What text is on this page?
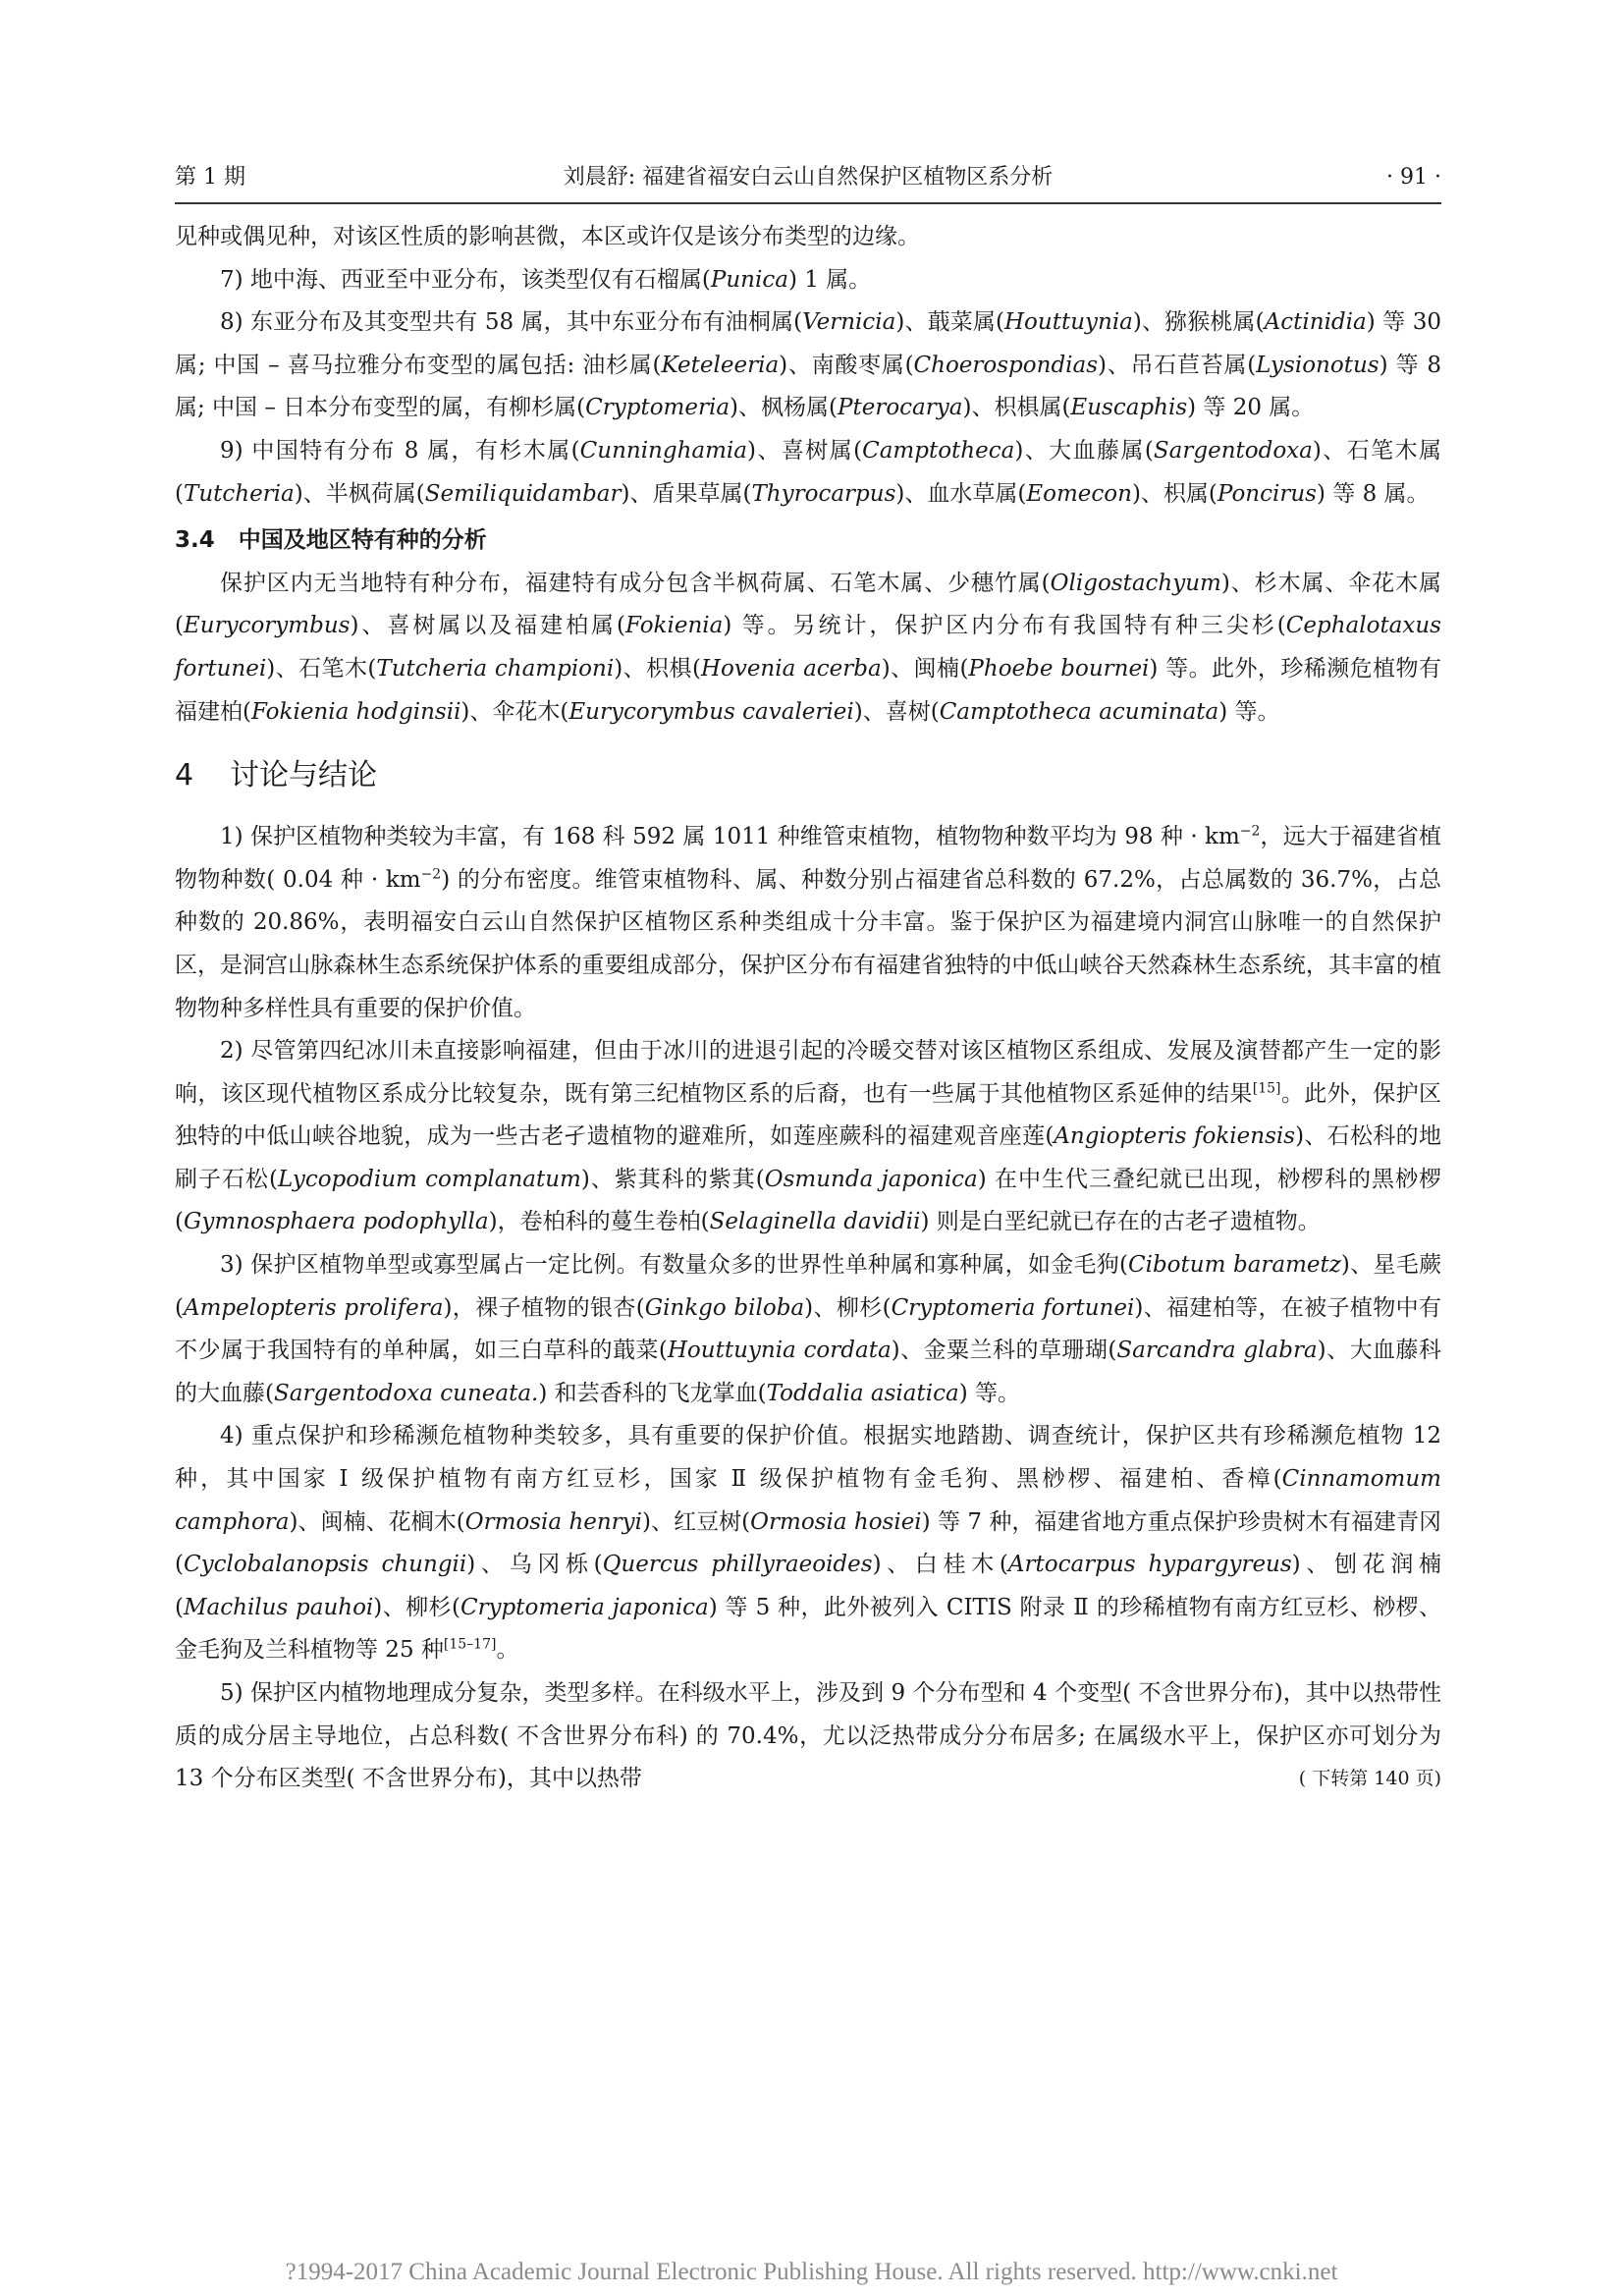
第 1 期	刘晨舒: 福建省福安白云山自然保护区植物区系分析	· 91 ·

见种或偶见种，对该区性质的影响甚微，本区或许仅是该分布类型的边缘。

7) 地中海、西亚至中亚分布，该类型仅有石榴属(Punica) 1 属。

8) 东亚分布及其变型共有 58 属，其中东亚分布有油桐属(Vernicia)、蕺菜属(Houttuynia)、猕猴桃属(Actinidia) 等 30 属; 中国 – 喜马拉雅分布变型的属包括: 油杉属(Keteleeria)、南酸枣属(Choerospondias)、吊石苣苔属(Lysionotus) 等 8 属; 中国 – 日本分布变型的属，有柳杉属(Cryptomeria)、枫杨属(Pterocarya)、枳椇属(Euscaphis) 等 20 属。

9) 中国特有分布 8 属，有杉木属(Cunninghamia)、喜树属(Camptotheca)、大血藤属(Sargentodoxa)、石笔木属(Tutcheria)、半枫荷属(Semiliquidambar)、盾果草属(Thyrocarpus)、血水草属(Eomecon)、枳属(Poncirus) 等 8 属。

3.4 中国及地区特有种的分析

保护区内无当地特有种分布，福建特有成分包含半枫荷属、石笔木属、少穗竹属(Oligostachyum)、杉木属、伞花木属(Eurycorymbus)、喜树属以及福建柏属(Fokienia) 等。另统计，保护区内分布有我国特有种三尖杉(Cephalotaxus fortunei)、石笔木(Tutcheria championi)、枳椇(Hovenia acerba)、闽楠(Phoebe bournei) 等。此外，珍稀濒危植物有福建柏(Fokienia hodginsii)、伞花木(Eurycorymbus cavaleriei)、喜树(Camptotheca acuminata) 等。

4 讨论与结论

1) 保护区植物种类较为丰富，有 168 科 592 属 1011 种维管束植物，植物物种数平均为 98 种 · $km^{-2}$，远大于福建省植物物种数( 0.04 种 · $km^{-2}$) 的分布密度。维管束植物科、属、种数分别占福建省总科数的 67.2%，占总属数的 36.7%，占总种数的 20.86%，表明福安白云山自然保护区植物区系种类组成十分丰富。鉴于保护区为福建境内洞宫山脉唯一的自然保护区，是洞宫山脉森林生态系统保护体系的重要组成部分，保护区分布有福建省独特的中低山峡谷天然森林生态系统，其丰富的植物物种多样性具有重要的保护价值。

2) 尽管第四纪冰川未直接影响福建，但由于冰川的进退引起的冷暖交替对该区植物区系组成、发展及演替都产生一定的影响，该区现代植物区系成分比较复杂，既有第三纪植物区系的后裔，也有一些属于其他植物区系延伸的结果[15]。此外，保护区独特的中低山峡谷地貌，成为一些古老孑遗植物的避难所，如莲座蕨科的福建观音座莲(Angiopteris fokiensis)、石松科的地刷子石松(Lycopodium complanatum)、紫萁科的紫萁(Osmunda japonica) 在中生代三叠纪就已出现，桫椤科的黑桫椤(Gymnosphaera podophylla)，卷柏科的蔓生卷柏(Selaginella davidii) 则是白垩纪就已存在的古老孑遗植物。

3) 保护区植物单型或寡型属占一定比例。有数量众多的世界性单种属和寡种属，如金毛狗(Cibotum barametz)、星毛蕨(Ampelopteris prolifera)，裸子植物的银杏(Ginkgo biloba)、柳杉(Cryptomeria fortunei)、福建柏等，在被子植物中有不少属于我国特有的单种属，如三白草科的蕺菜(Houttuynia cordata)、金粟兰科的草珊瑚(Sarcandra glabra)、大血藤科的大血藤(Sargentodoxa cuneata.) 和芸香科的飞龙掌血(Toddalia asiatica) 等。

4) 重点保护和珍稀濒危植物种类较多，具有重要的保护价值。根据实地踏勘、调查统计，保护区共有珍稀濒危植物 12 种，其中国家 Ⅰ 级保护植物有南方红豆杉，国家 Ⅱ 级保护植物有金毛狗、黑桫椤、福建柏、香樟(Cinnamomum camphora)、闽楠、花榈木(Ormosia henryi)、红豆树(Ormosia hosiei) 等 7 种，福建省地方重点保护珍贵树木有福建青冈(Cyclobalanopsis chungii)、乌冈栎(Quercus phillyraeoides)、白桂木(Artocarpus hypargyreus)、刨花润楠(Machilus pauhoi)、柳杉(Cryptomeria japonica) 等 5 种，此外被列入 CITIS 附录 Ⅱ 的珍稀植物有南方红豆杉、桫椤、金毛狗及兰科植物等 25 种[15–17]。

5) 保护区内植物地理成分复杂，类型多样。在科级水平上，涉及到 9 个分布型和 4 个变型( 不含世界分布)，其中以热带性质的成分居主导地位，占总科数( 不含世界分布科) 的 70.4%，尤以泛热带成分分布居多; 在属级水平上，保护区亦可划分为 13 个分布区类型( 不含世界分布)，其中以热带	( 下转第 140 页)

?1994-2017 China Academic Journal Electronic Publishing House. All rights reserved. http://www.cnki.net
